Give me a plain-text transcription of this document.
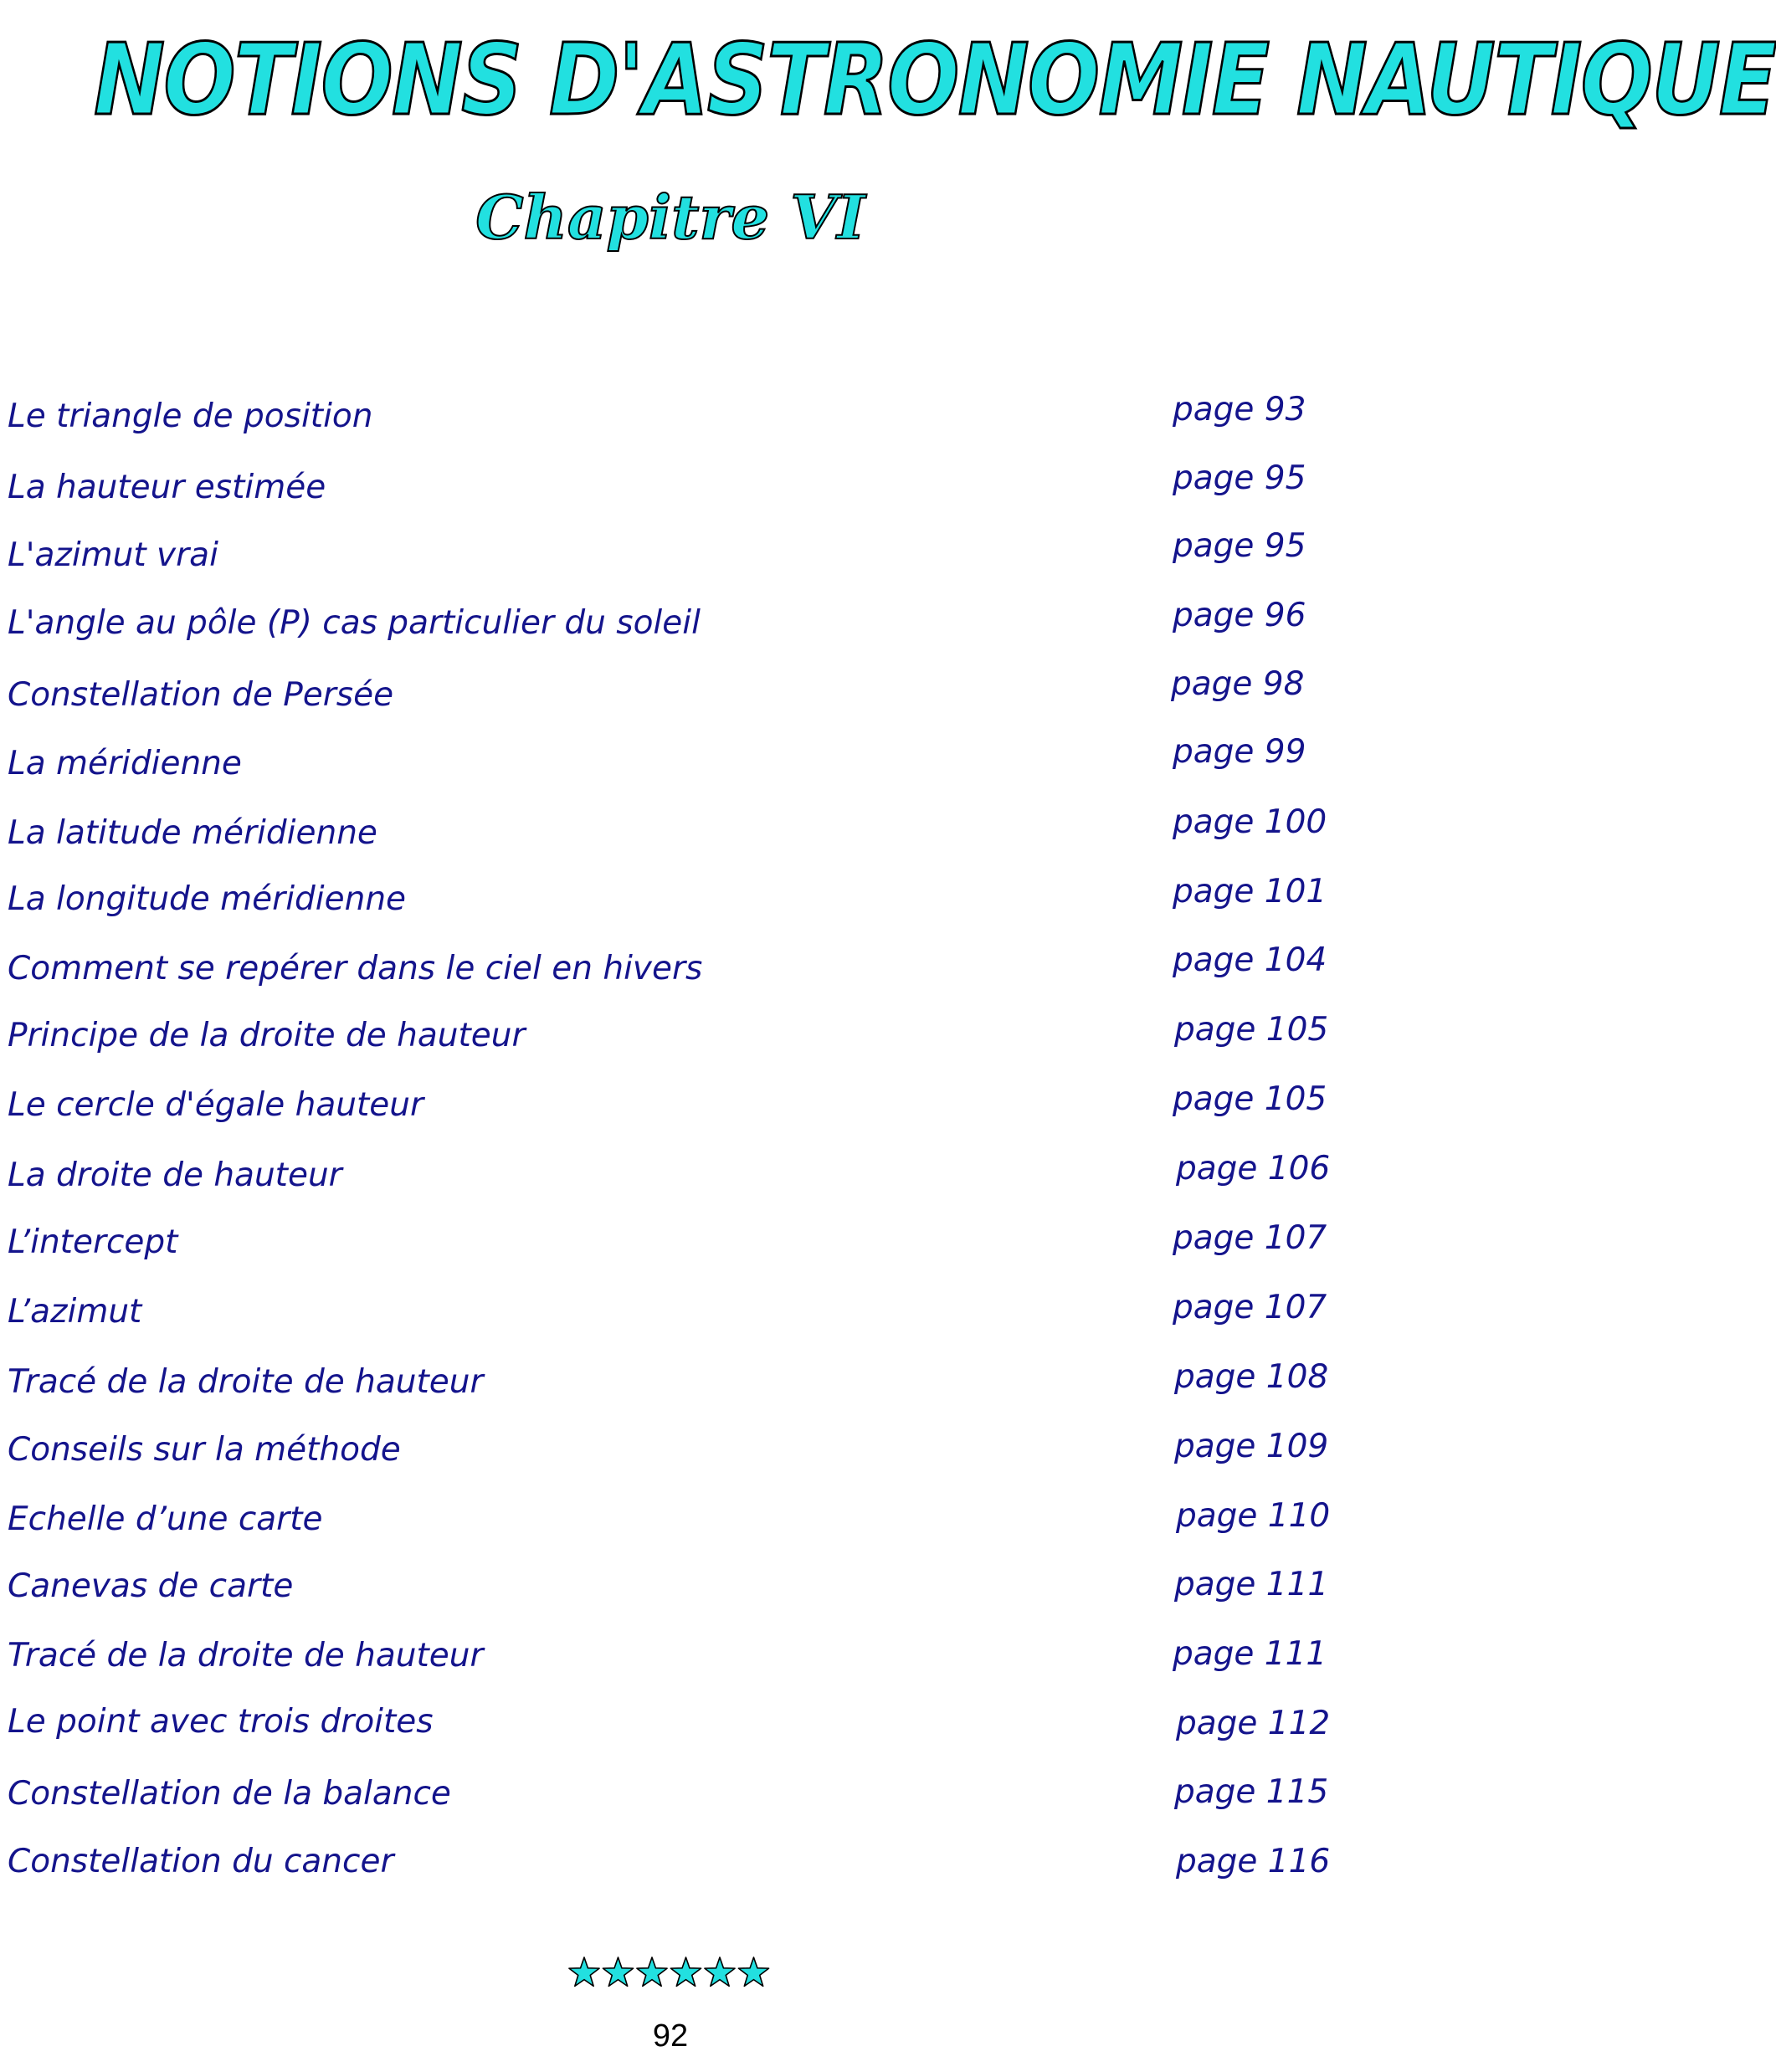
NOTIONS D'ASTRONOMIE NAUTIQUE
Chapitre VI
Le triangle de position	page 93
La hauteur estimée	page 95
L'azimut vrai	page 95
L'angle au pôle (P) cas particulier du soleil	page 96
Constellation de Persée	page 98
La méridienne	page 99
La latitude méridienne	page 100
La longitude méridienne	page 101
Comment se repérer dans le ciel en hivers	page 104
Principe de la droite de hauteur	page 105
Le cercle d'égale hauteur	page 105
La droite de hauteur	page 106
L’intercept	page 107
L’azimut	page 107
Tracé de la droite de hauteur	page 108
Conseils sur la méthode	page 109
Echelle d’une carte	page 110
Canevas de carte	page 111
Tracé de la droite de hauteur	page 111
Le point avec trois droites	page 112
Constellation de la balance	page 115
Constellation du cancer	page 116
92
